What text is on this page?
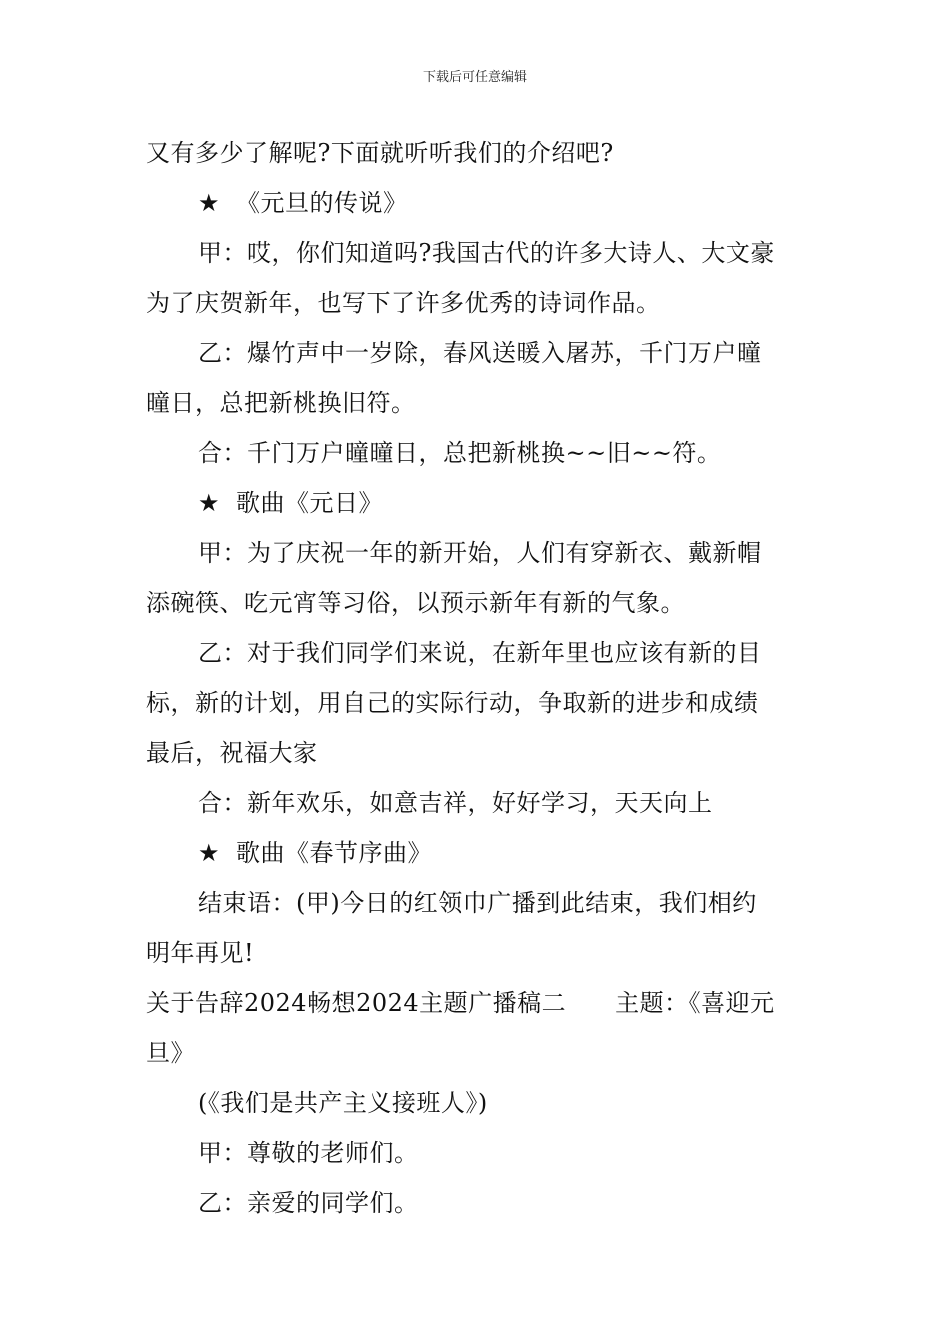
下载后可任意编辑
又有多少了解呢?下面就听听我们的介绍吧?
★ 《元旦的传说》
甲：哎，你们知道吗?我国古代的许多大诗人、大文豪
为了庆贺新年，也写下了许多优秀的诗词作品。
乙：爆竹声中一岁除，春风送暖入屠苏，千门万户曈
曈日，总把新桃换旧符。
合：千门万户曈曈日，总把新桃换~~旧~~符。
★ 歌曲《元日》
甲：为了庆祝一年的新开始，人们有穿新衣、戴新帽
添碗筷、吃元宵等习俗，以预示新年有新的气象。
乙：对于我们同学们来说，在新年里也应该有新的目
标，新的计划，用自己的实际行动，争取新的进步和成绩
最后，祝福大家
合：新年欢乐，如意吉祥，好好学习，天天向上
★ 歌曲《春节序曲》
结束语：(甲)今日的红领巾广播到此结束，我们相约
明年再见!
关于告辞2024畅想2024主题广播稿二　　主题：《喜迎元
旦》
(《我们是共产主义接班人》)
甲：尊敬的老师们。
乙：亲爱的同学们。
